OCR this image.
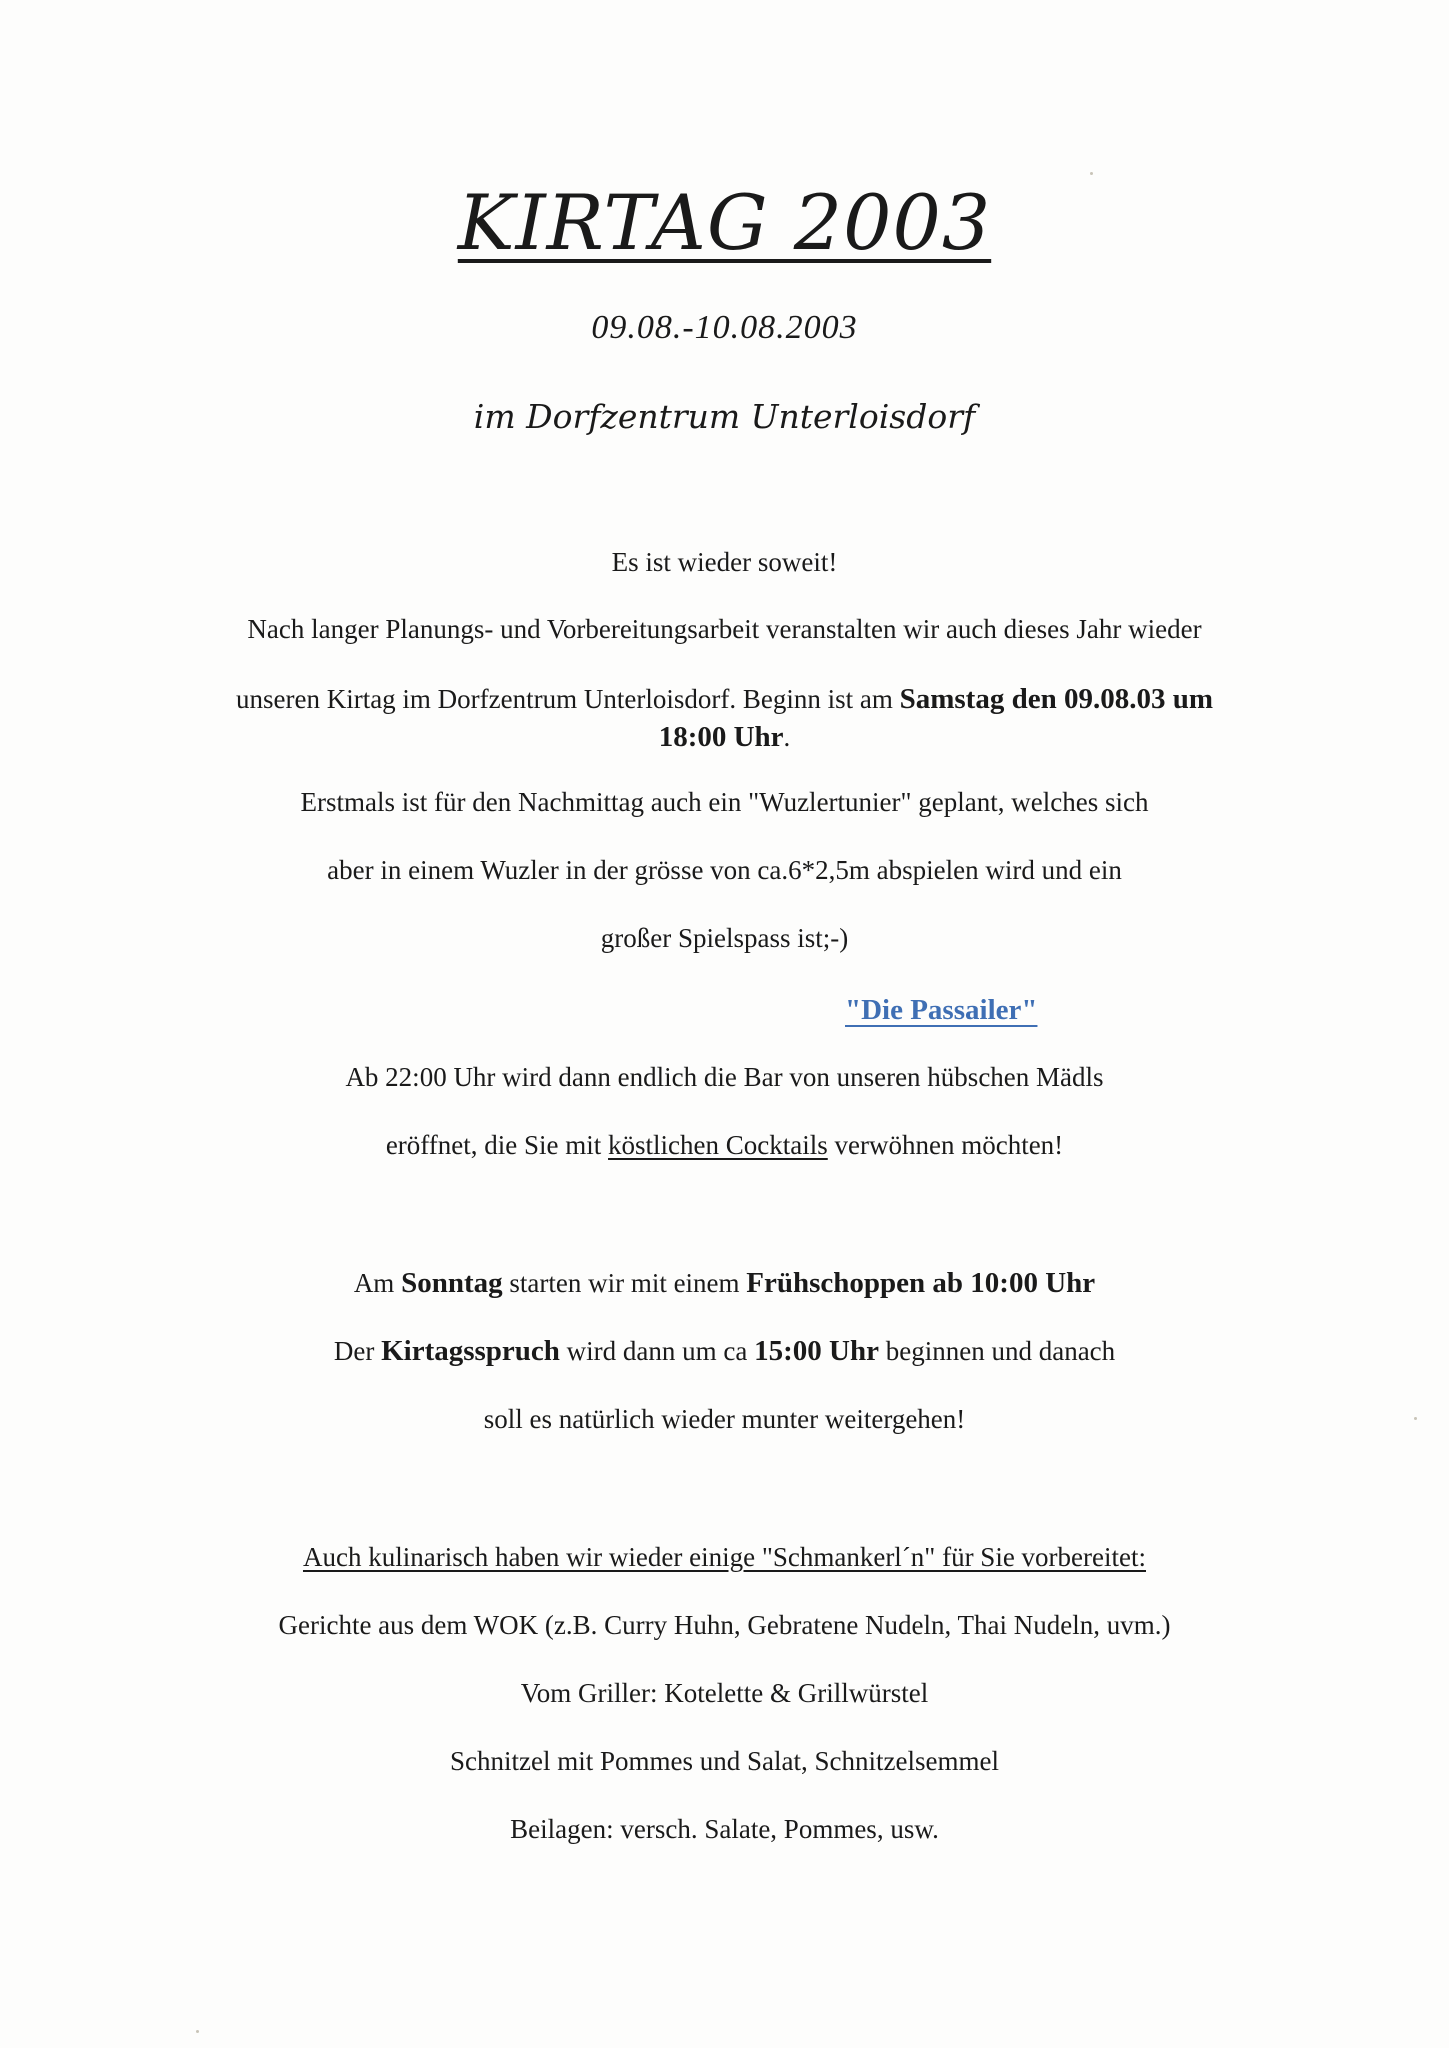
KIRTAG 2003
09.08.-10.08.2003
im Dorfzentrum Unterloisdorf
Es ist wieder soweit!
Nach langer Planungs- und Vorbereitungsarbeit veranstalten wir auch dieses Jahr wieder
unseren Kirtag im Dorfzentrum Unterloisdorf. Beginn ist am Samstag den 09.08.03 um
18:00 Uhr.
Erstmals ist für den Nachmittag auch ein "Wuzlertunier" geplant, welches sich
aber in einem Wuzler in der grösse von ca.6*2,5m abspielen wird und ein
großer Spielspass ist;-)
"Die Passailer"
Ab 22:00 Uhr wird dann endlich die Bar von unseren hübschen Mädls
eröffnet, die Sie mit köstlichen Cocktails verwöhnen möchten!
Am Sonntag starten wir mit einem Frühschoppen ab 10:00 Uhr
Der Kirtagsspruch wird dann um ca 15:00 Uhr beginnen und danach
soll es natürlich wieder munter weitergehen!
Auch kulinarisch haben wir wieder einige "Schmankerl´n" für Sie vorbereitet:
Gerichte aus dem WOK (z.B. Curry Huhn, Gebratene Nudeln, Thai Nudeln, uvm.)
Vom Griller: Kotelette & Grillwürstel
Schnitzel mit Pommes und Salat, Schnitzelsemmel
Beilagen: versch. Salate, Pommes, usw.
